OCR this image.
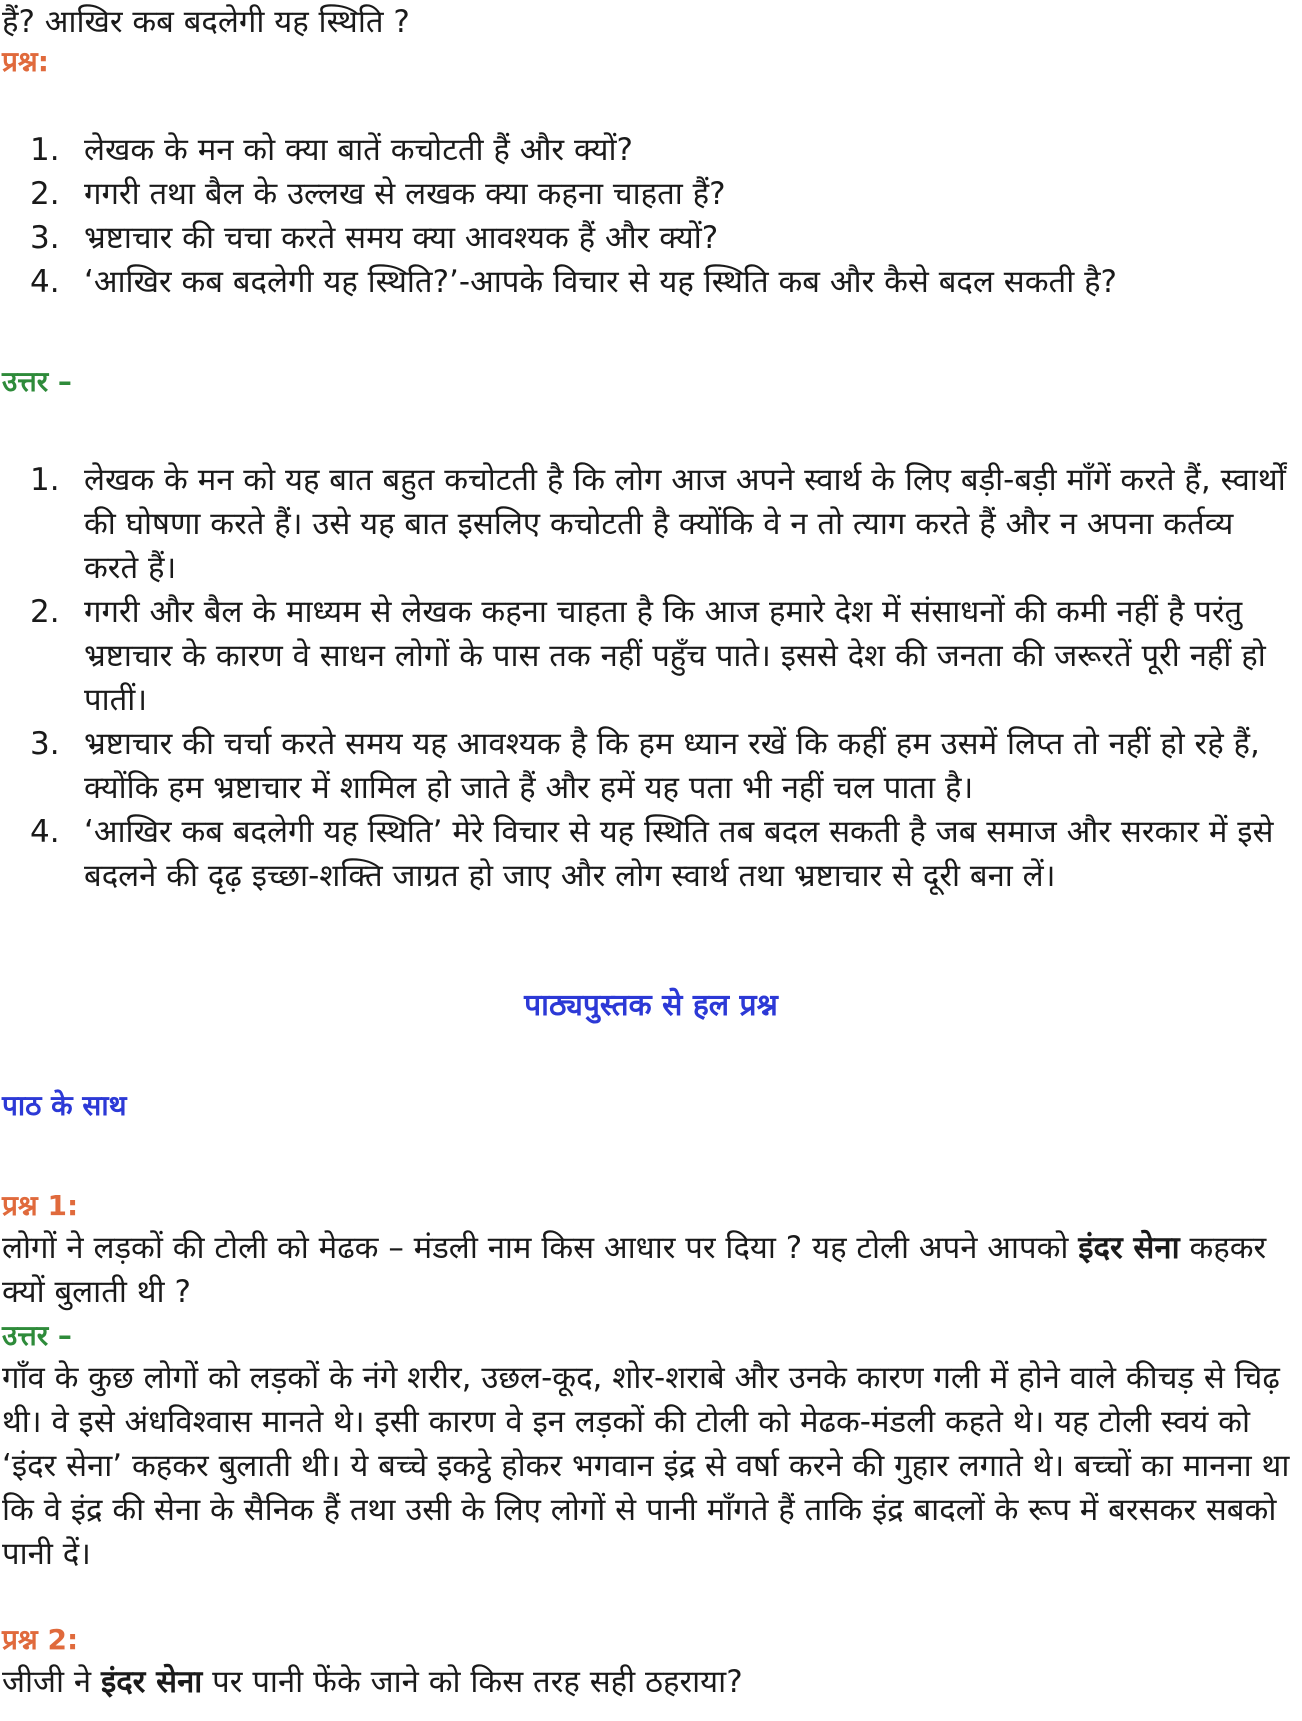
हैं? आखिर कब बदलेगी यह स्थिति ?
प्रश्न:
1. लेखक के मन को क्या बातें कचोटती हैं और क्यों?
2. गगरी तथा बैल के उल्लख से लखक क्या कहना चाहता हैं?
3. भ्रष्टाचार की चचा करते समय क्या आवश्यक हैं और क्यों?
4. ‘आखिर कब बदलेगी यह स्थिति?’-आपके विचार से यह स्थिति कब और कैसे बदल सकती है?
उत्तर –
1. लेखक के मन को यह बात बहुत कचोटती है कि लोग आज अपने स्वार्थ के लिए बड़ी-बड़ी माँगें करते हैं, स्वार्थों की घोषणा करते हैं। उसे यह बात इसलिए कचोटती है क्योंकि वे न तो त्याग करते हैं और न अपना कर्तव्य करते हैं।
2. गगरी और बैल के माध्यम से लेखक कहना चाहता है कि आज हमारे देश में संसाधनों की कमी नहीं है परंतु भ्रष्टाचार के कारण वे साधन लोगों के पास तक नहीं पहुँच पाते। इससे देश की जनता की जरूरतें पूरी नहीं हो पातीं।
3. भ्रष्टाचार की चर्चा करते समय यह आवश्यक है कि हम ध्यान रखें कि कहीं हम उसमें लिप्त तो नहीं हो रहे हैं, क्योंकि हम भ्रष्टाचार में शामिल हो जाते हैं और हमें यह पता भी नहीं चल पाता है।
4. ‘आखिर कब बदलेगी यह स्थिति’ मेरे विचार से यह स्थिति तब बदल सकती है जब समाज और सरकार में इसे बदलने की दृढ़ इच्छा-शक्ति जाग्रत हो जाए और लोग स्वार्थ तथा भ्रष्टाचार से दूरी बना लें।
पाठ्यपुस्तक से हल प्रश्न
पाठ के साथ
प्रश्न 1:
लोगों ने लड़कों की टोली को मेढक – मंडली नाम किस आधार पर दिया ? यह टोली अपने आपको इंदर सेना कहकर क्यों बुलाती थी ?
उत्तर –
गाँव के कुछ लोगों को लड़कों के नंगे शरीर, उछल-कूद, शोर-शराबे और उनके कारण गली में होने वाले कीचड़ से चिढ़ थी। वे इसे अंधविश्वास मानते थे। इसी कारण वे इन लड़कों की टोली को मेढक-मंडली कहते थे। यह टोली स्वयं को ‘इंदर सेना’ कहकर बुलाती थी। ये बच्चे इकट्ठे होकर भगवान इंद्र से वर्षा करने की गुहार लगाते थे। बच्चों का मानना था कि वे इंद्र की सेना के सैनिक हैं तथा उसी के लिए लोगों से पानी माँगते हैं ताकि इंद्र बादलों के रूप में बरसकर सबको पानी दें।
प्रश्न 2:
जीजी ने इंदर सेना पर पानी फेंके जाने को किस तरह सही ठहराया?
